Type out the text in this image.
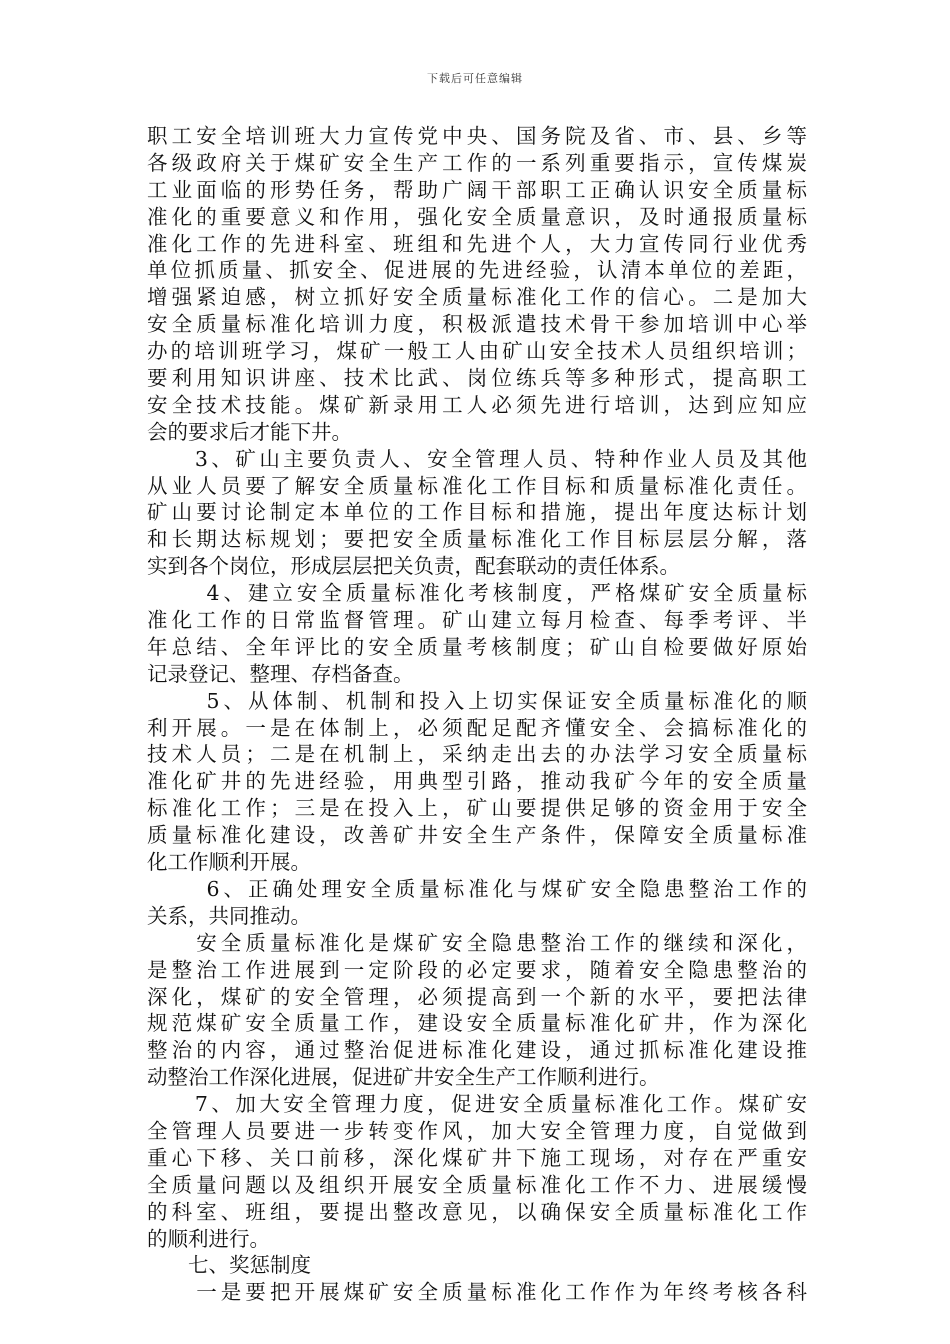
下载后可任意编辑
职工安全培训班大力宣传党中央、国务院及省、市、县、乡等
各级政府关于煤矿安全生产工作的一系列重要指示，宣传煤炭
工业面临的形势任务，帮助广阔干部职工正确认识安全质量标
准化的重要意义和作用，强化安全质量意识，及时通报质量标
准化工作的先进科室、班组和先进个人，大力宣传同行业优秀
单位抓质量、抓安全、促进展的先进经验，认清本单位的差距，
增强紧迫感，树立抓好安全质量标准化工作的信心。二是加大
安全质量标准化培训力度，积极派遣技术骨干参加培训中心举
办的培训班学习，煤矿一般工人由矿山安全技术人员组织培训；
要利用知识讲座、技术比武、岗位练兵等多种形式，提高职工
安全技术技能。煤矿新录用工人必须先进行培训，达到应知应
会的要求后才能下井。
　　3、矿山主要负责人、安全管理人员、特种作业人员及其他
从业人员要了解安全质量标准化工作目标和质量标准化责任。
矿山要讨论制定本单位的工作目标和措施，提出年度达标计划
和长期达标规划；要把安全质量标准化工作目标层层分解，落
实到各个岗位，形成层层把关负责，配套联动的责任体系。
　　 4、建立安全质量标准化考核制度，严格煤矿安全质量标
准化工作的日常监督管理。矿山建立每月检查、每季考评、半
年总结、全年评比的安全质量考核制度；矿山自检要做好原始
记录登记、整理、存档备查。
　　 5、从体制、机制和投入上切实保证安全质量标准化的顺
利开展。一是在体制上，必须配足配齐懂安全、会搞标准化的
技术人员；二是在机制上，采纳走出去的办法学习安全质量标
准化矿井的先进经验，用典型引路，推动我矿今年的安全质量
标准化工作；三是在投入上，矿山要提供足够的资金用于安全
质量标准化建设，改善矿井安全生产条件，保障安全质量标准
化工作顺利开展。
　　 6、正确处理安全质量标准化与煤矿安全隐患整治工作的
关系，共同推动。
　　安全质量标准化是煤矿安全隐患整治工作的继续和深化，
是整治工作进展到一定阶段的必定要求，随着安全隐患整治的
深化，煤矿的安全管理，必须提高到一个新的水平，要把法律
规范煤矿安全质量工作，建设安全质量标准化矿井，作为深化
整治的内容，通过整治促进标准化建设，通过抓标准化建设推
动整治工作深化进展，促进矿井安全生产工作顺利进行。
　　7、加大安全管理力度，促进安全质量标准化工作。煤矿安
全管理人员要进一步转变作风，加大安全管理力度，自觉做到
重心下移、关口前移，深化煤矿井下施工现场，对存在严重安
全质量问题以及组织开展安全质量标准化工作不力、进展缓慢
的科室、班组，要提出整改意见，以确保安全质量标准化工作
的顺利进行。
　　七、奖惩制度
　　一是要把开展煤矿安全质量标准化工作作为年终考核各科
